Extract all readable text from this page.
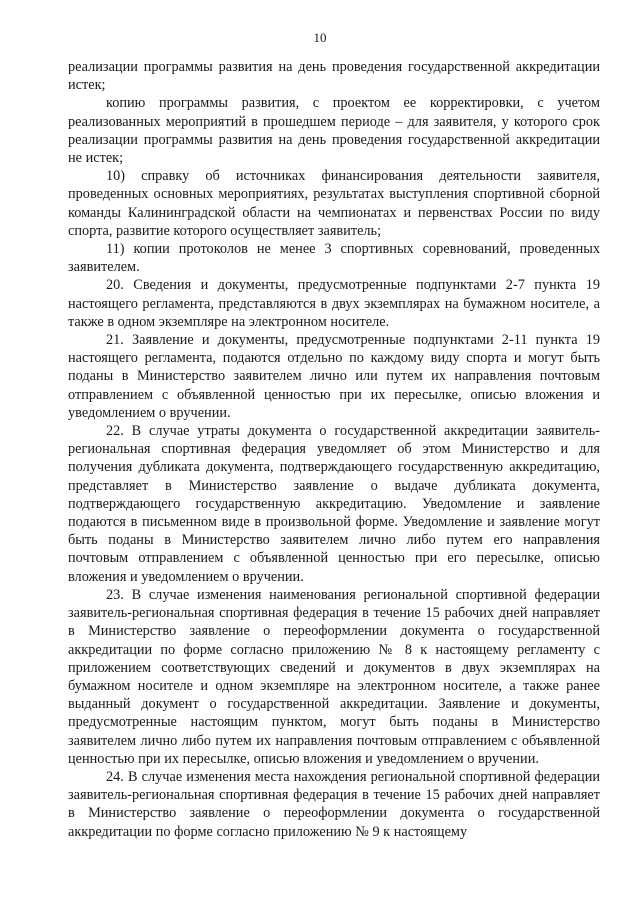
10

реализации программы развития на день проведения государственной аккредитации истек;

копию программы развития, с проектом ее корректировки, с учетом реализованных мероприятий в прошедшем периоде – для заявителя, у которого срок реализации программы развития на день проведения государственной аккредитации не истек;

10) справку об источниках финансирования деятельности заявителя, проведенных основных мероприятиях, результатах выступления спортивной сборной команды Калининградской области на чемпионатах и первенствах России по виду спорта, развитие которого осуществляет заявитель;

11) копии протоколов не менее 3 спортивных соревнований, проведенных заявителем.

20. Сведения и документы, предусмотренные подпунктами 2-7 пункта 19 настоящего регламента, представляются в двух экземплярах на бумажном носителе, а также в одном экземпляре на электронном носителе.

21. Заявление и документы, предусмотренные подпунктами 2-11 пункта 19 настоящего регламента, подаются отдельно по каждому виду спорта и могут быть поданы в Министерство заявителем лично или путем их направления почтовым отправлением с объявленной ценностью при их пересылке, описью вложения и уведомлением о вручении.

22. В случае утраты документа о государственной аккредитации заявитель-региональная спортивная федерация уведомляет об этом Министерство и для получения дубликата документа, подтверждающего государственную аккредитацию, представляет в Министерство заявление о выдаче дубликата документа, подтверждающего государственную аккредитацию. Уведомление и заявление подаются в письменном виде в произвольной форме. Уведомление и заявление могут быть поданы в Министерство заявителем лично либо путем его направления почтовым отправлением с объявленной ценностью при его пересылке, описью вложения и уведомлением о вручении.

23. В случае изменения наименования региональной спортивной федерации заявитель-региональная спортивная федерация в течение 15 рабочих дней направляет в Министерство заявление о переоформлении документа о государственной аккредитации по форме согласно приложению № 8 к настоящему регламенту с приложением соответствующих сведений и документов в двух экземплярах на бумажном носителе и одном экземпляре на электронном носителе, а также ранее выданный документ о государственной аккредитации. Заявление и документы, предусмотренные настоящим пунктом, могут быть поданы в Министерство заявителем лично либо путем их направления почтовым отправлением с объявленной ценностью при их пересылке, описью вложения и уведомлением о вручении.

24. В случае изменения места нахождения региональной спортивной федерации заявитель-региональная спортивная федерация в течение 15 рабочих дней направляет в Министерство заявление о переоформлении документа о государственной аккредитации по форме согласно приложению № 9 к настоящему
